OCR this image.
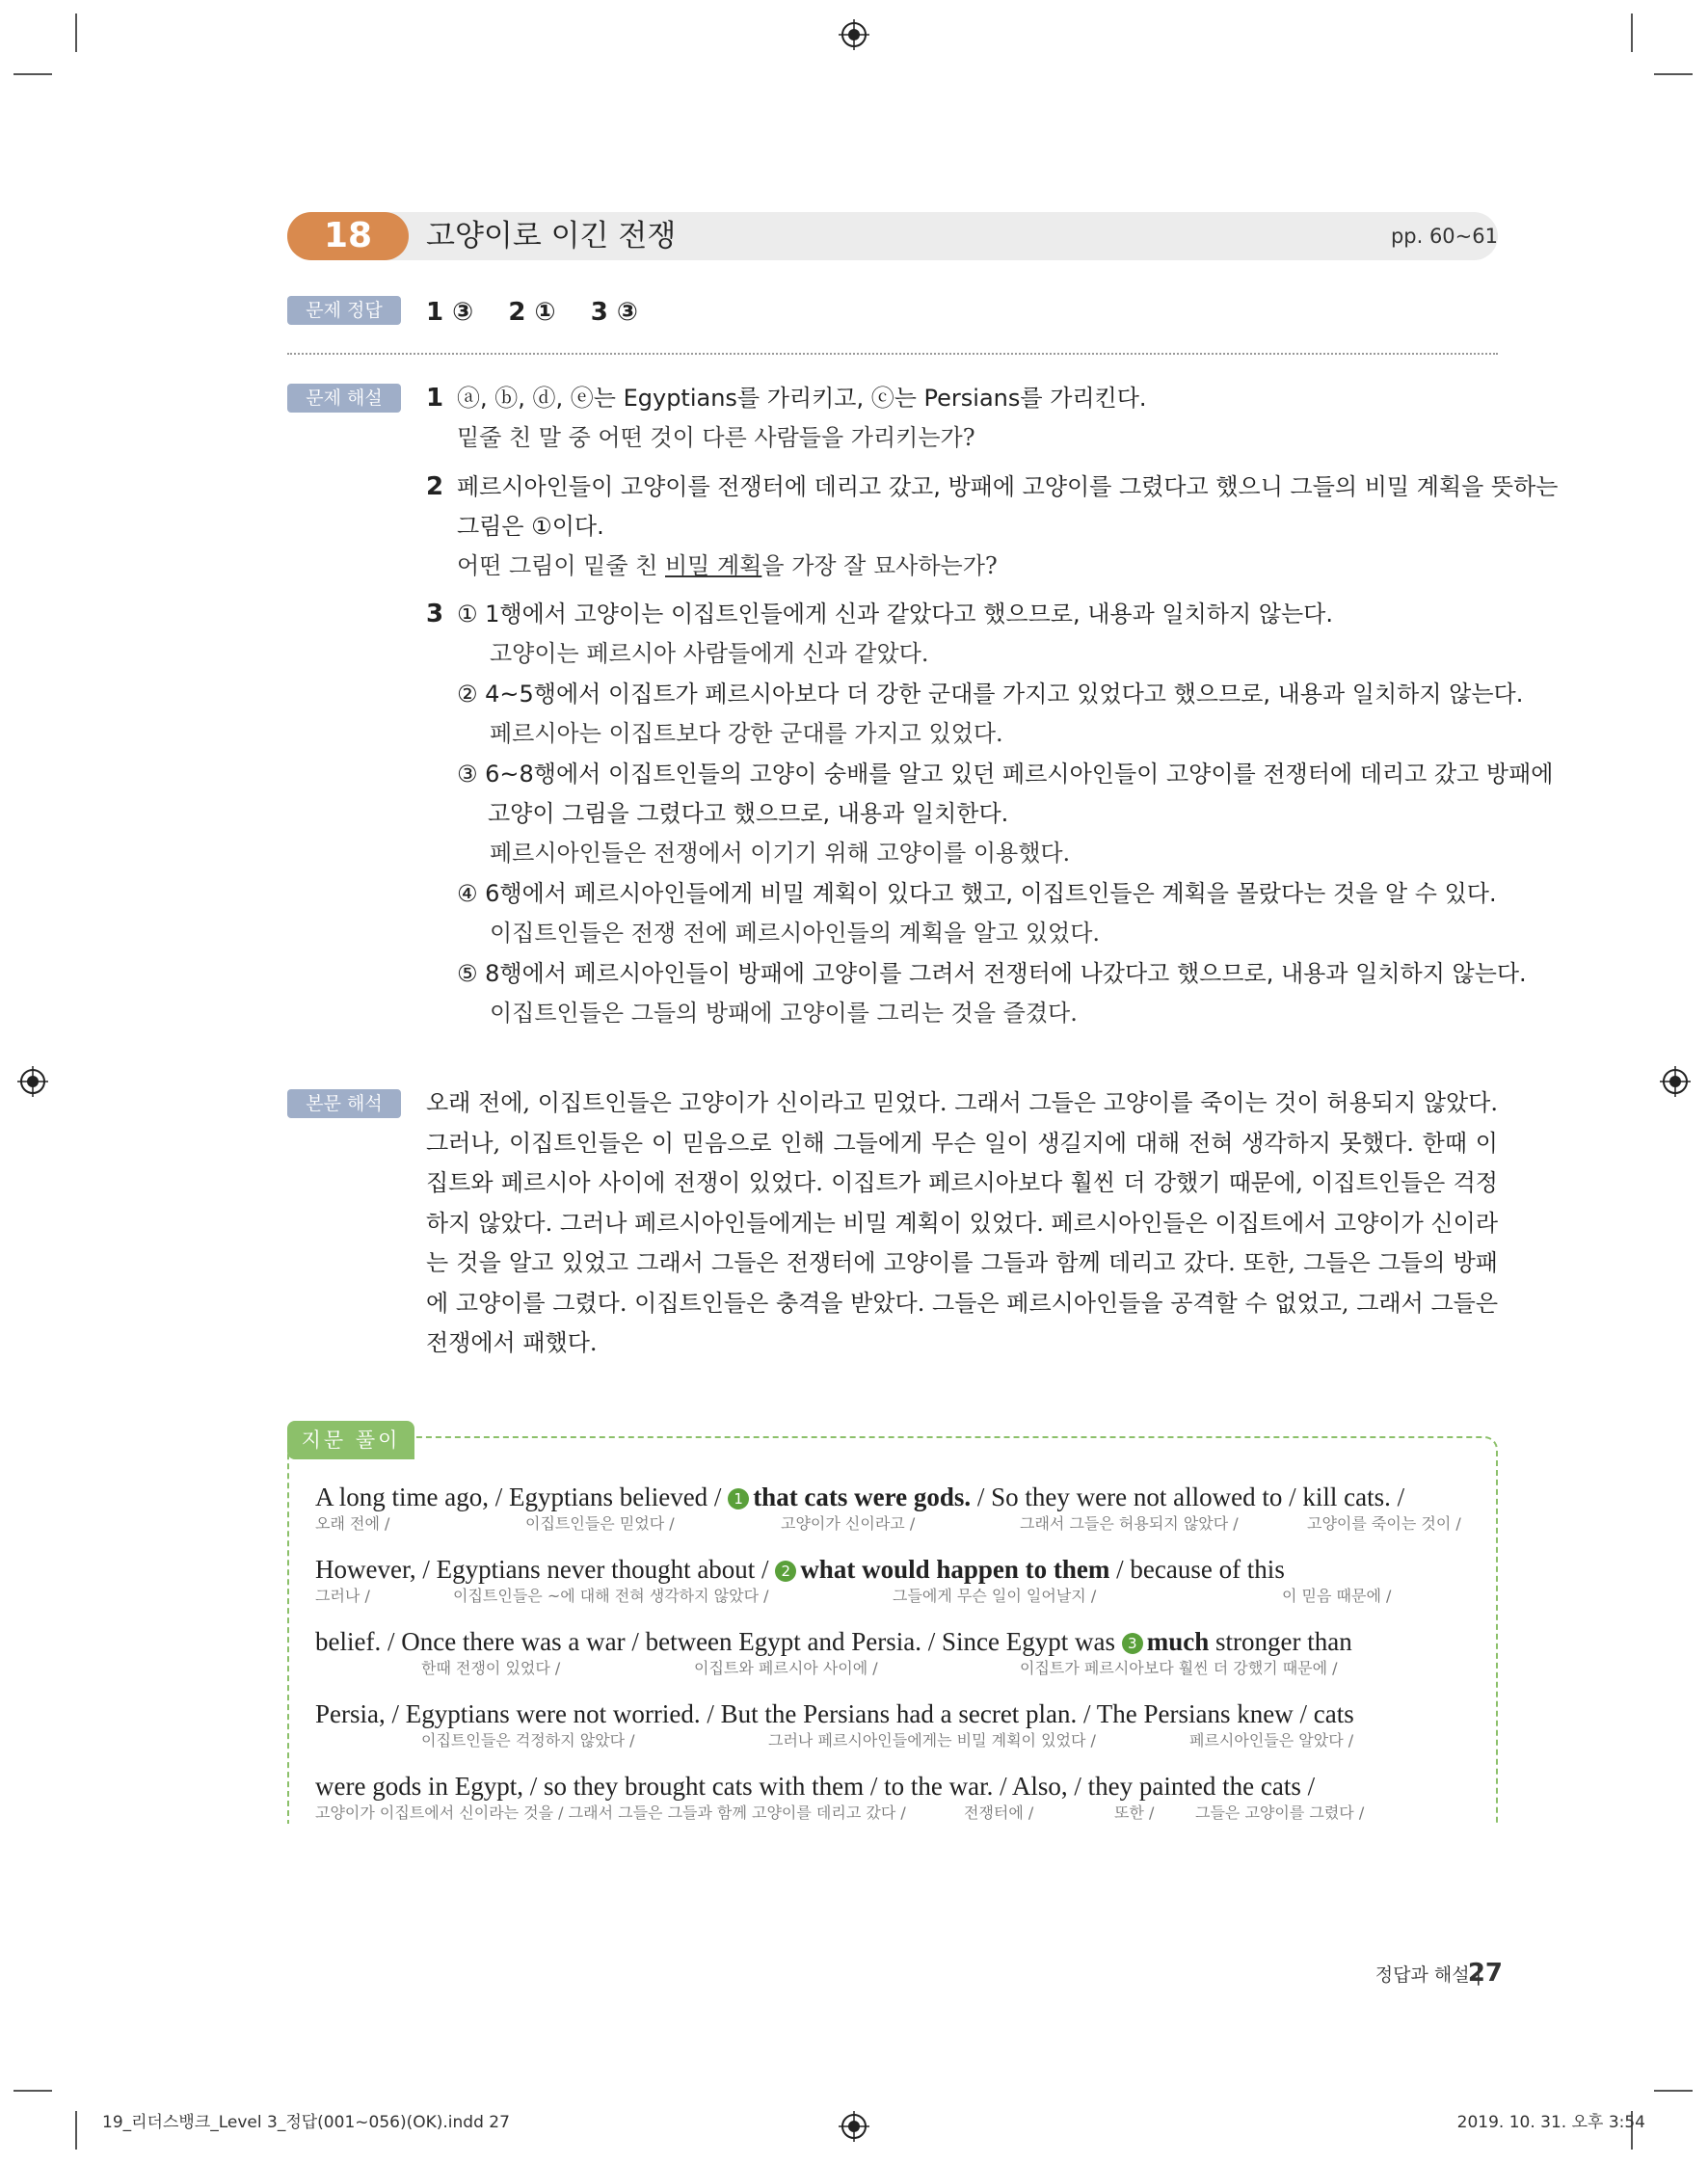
18	고양이로 이긴 전쟁	pp. 60~61
문제 정답	1 ③    2 ①    3 ③
문제 해설	1 ⓐ, ⓑ, ⓓ, ⓔ는 Egyptians를 가리키고, ⓒ는 Persians를 가리킨다.
밑줄 친 말 중 어떤 것이 다른 사람들을 가리키는가?
2 페르시아인들이 고양이를 전쟁터에 데리고 갔고, 방패에 고양이를 그렸다고 했으니 그들의 비밀 계획을 뜻하는
그림은 ①이다.
어떤 그림이 밑줄 친 비밀 계획을 가장 잘 묘사하는가?
3 ① 1행에서 고양이는 이집트인들에게 신과 같았다고 했으므로, 내용과 일치하지 않는다.
고양이는 페르시아 사람들에게 신과 같았다.
② 4~5행에서 이집트가 페르시아보다 더 강한 군대를 가지고 있었다고 했으므로, 내용과 일치하지 않는다.
페르시아는 이집트보다 강한 군대를 가지고 있었다.
③ 6~8행에서 이집트인들의 고양이 숭배를 알고 있던 페르시아인들이 고양이를 전쟁터에 데리고 갔고 방패에
고양이 그림을 그렸다고 했으므로, 내용과 일치한다.
페르시아인들은 전쟁에서 이기기 위해 고양이를 이용했다.
④ 6행에서 페르시아인들에게 비밀 계획이 있다고 했고, 이집트인들은 계획을 몰랐다는 것을 알 수 있다.
이집트인들은 전쟁 전에 페르시아인들의 계획을 알고 있었다.
⑤ 8행에서 페르시아인들이 방패에 고양이를 그려서 전쟁터에 나갔다고 했으므로, 내용과 일치하지 않는다.
이집트인들은 그들의 방패에 고양이를 그리는 것을 즐겼다.
본문 해석	오래 전에, 이집트인들은 고양이가 신이라고 믿었다. 그래서 그들은 고양이를 죽이는 것이 허용되지 않았다. 그러나, 이집트인들은 이 믿음으로 인해 그들에게 무슨 일이 생길지에 대해 전혀 생각하지 못했다. 한때 이집트와 페르시아 사이에 전쟁이 있었다. 이집트가 페르시아보다 훨씬 더 강했기 때문에, 이집트인들은 걱정하지 않았다. 그러나 페르시아인들에게는 비밀 계획이 있었다. 페르시아인들은 이집트에서 고양이가 신이라는 것을 알고 있었고 그래서 그들은 전쟁터에 고양이를 그들과 함께 데리고 갔다. 또한, 그들은 그들의 방패에 고양이를 그렸다. 이집트인들은 충격을 받았다. 그들은 페르시아인들을 공격할 수 없었고, 그래서 그들은 전쟁에서 패했다.
지문 풀이
A long time ago, / Egyptians believed / 1 that cats were gods. / So they were not allowed to / kill cats. /
오래 전에 /	이집트인들은 믿었다 /	고양이가 신이라고 /	그래서 그들은 허용되지 않았다 /	고양이를 죽이는 것이 /
However, / Egyptians never thought about / 2 what would happen to them / because of this
그러나 /	이집트인들은 ~에 대해 전혀 생각하지 않았다 /	그들에게 무슨 일이 일어날지 /	이 믿음 때문에 /
belief. / Once there was a war / between Egypt and Persia. / Since Egypt was 3 much stronger than
한때 전쟁이 있었다 /	이집트와 페르시아 사이에 /	이집트가 페르시아보다 훨씬 더 강했기 때문에 /
Persia, / Egyptians were not worried. / But the Persians had a secret plan. / The Persians knew / cats
이집트인들은 걱정하지 않았다 /	그러나 페르시아인들에게는 비밀 계획이 있었다 /	페르시아인들은 알았다 /
were gods in Egypt, / so they brought cats with them / to the war. / Also, / they painted the cats /
고양이가 이집트에서 신이라는 것을 / 그래서 그들은 그들과 함께 고양이를 데리고 갔다 /	전쟁터에 /	또한 /	그들은 고양이를 그렸다 /
정답과 해설 |
27
19_리더스뱅크_Level 3_정답(001~056)(OK).indd 27	2019. 10. 31. 오후 3:54
